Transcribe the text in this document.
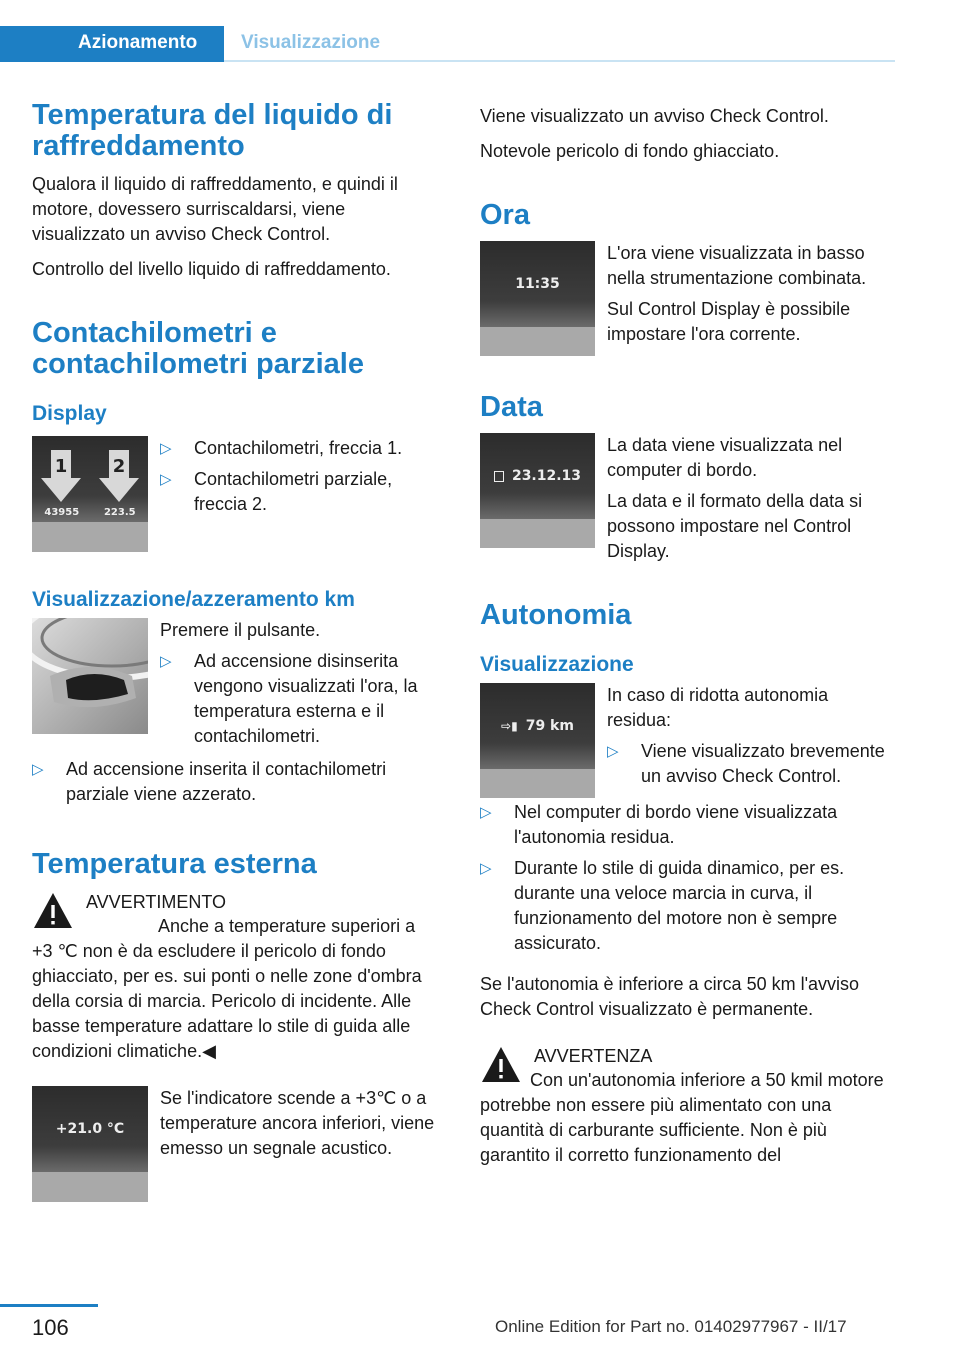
Azionamento	Visualizzazione
Temperatura del liquido di raffreddamento

Qualora il liquido di raffreddamento, e quindi il motore, dovessero surriscaldarsi, viene visualizzato un avviso Check Control.

Controllo del livello liquido di raffreddamento.

Contachilometri e contachilometri parziale
Display
1	2
43955 223.5
▷ Contachilometri, freccia 1.
▷ Contachilometri parziale, freccia 2.
Visualizzazione/azzeramento km

Premere il pulsante.

▷ Ad accensione disinserita vengono visualizzati l'ora, la temperatura esterna e il contachilometri.
▷ Ad accensione inserita il contachilometri parziale viene azzerato.
Temperatura esterna

AVVERTIMENTO

Anche a temperature superiori a +3 ℃ non è da escludere il pericolo di fondo ghiacciato, per es. sui ponti o nelle zone d'ombra della corsia di marcia. Pericolo di incidente. Alle basse temperature adattare lo stile di guida alle condizioni climatiche.◀

+21.0 °C

Se l'indicatore scende a +3℃ o a temperature ancora inferiori, viene emesso un segnale acustico.

Viene visualizzato un avviso Check Control.

Notevole pericolo di fondo ghiacciato.

Ora
11:35

L'ora viene visualizzata in basso nella strumentazione combinata.

Sul Control Display è possibile impostare l'ora corrente.

Data
23.12.13

La data viene visualizzata nel computer di bordo.

La data e il formato della data si possono impostare nel Control Display.

Autonomia
Visualizzazione
⇨▮ 79 km

In caso di ridotta autonomia residua:

▷ Viene visualizzato brevemente un avviso Check Control.
▷ Nel computer di bordo viene visualizzata l'autonomia residua.
▷ Durante lo stile di guida dinamico, per es. durante una veloce marcia in curva, il funzionamento del motore non è sempre assicurato.

Se l'autonomia è inferiore a circa 50 km l'avviso Check Control visualizzato è permanente.

AVVERTENZA

Con un'autonomia inferiore a 50 kmil motore potrebbe non essere più alimentato con una quantità di carburante sufficiente. Non è più garantito il corretto funzionamento del

106	Online Edition for Part no. 01402977967 - II/17
